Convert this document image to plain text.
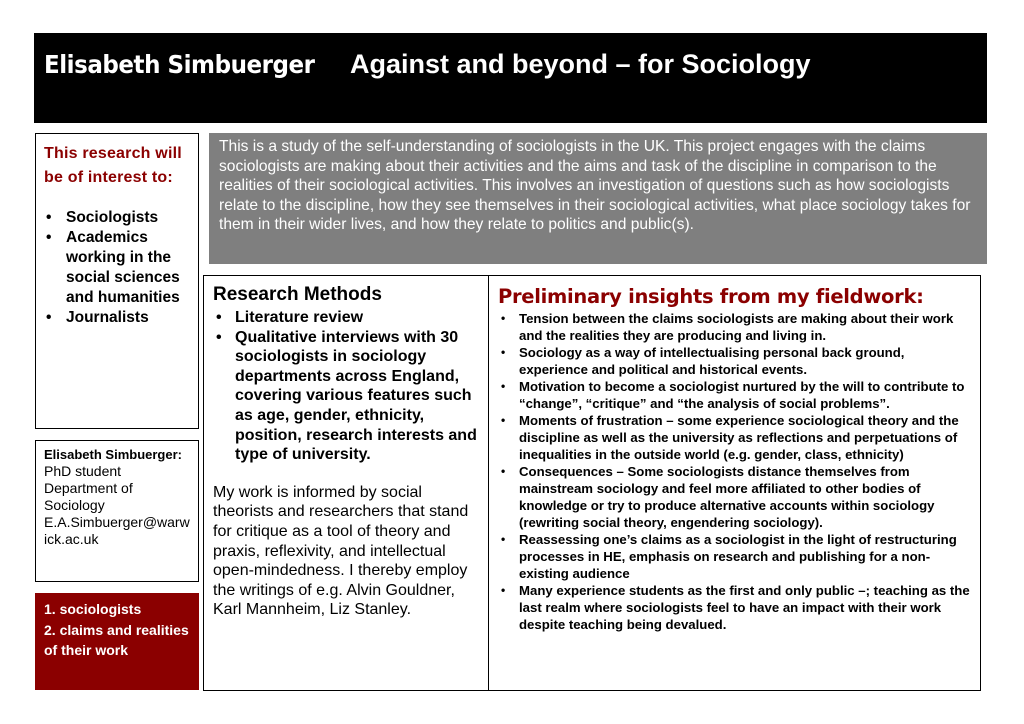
Elisabeth Simbuerger Against and beyond – for Sociology
This research will be of interest to:
• Sociologists
• Academics working in the social sciences and humanities
• Journalists
Elisabeth Simbuerger:
PhD student
Department of Sociology
E.A.Simbuerger@warwick.ac.uk
This is a study of the self-understanding of sociologists in the UK. This project engages with the claims sociologists are making about their activities and the aims and task of the discipline in comparison to the realities of their sociological activities. This involves an investigation of questions such as how sociologists relate to the discipline, how they see themselves in their sociological activities, what place sociology takes for them in their wider lives, and how they relate to politics and public(s).
1. sociologists
2. claims and realities of their work
Research Methods
• Literature review
• Qualitative interviews with 30 sociologists in sociology departments across England, covering various features such as age, gender, ethnicity, position, research interests and type of university.

My work is informed by social theorists and researchers that stand for critique as a tool of theory and praxis, reflexivity, and intellectual open-mindedness. I thereby employ the writings of e.g. Alvin Gouldner, Karl Mannheim, Liz Stanley.

Preliminary insights from my fieldwork:
• Tension between the claims sociologists are making about their work and the realities they are producing and living in.
• Sociology as a way of intellectualising personal back ground, experience and political and historical events.
• Motivation to become a sociologist nurtured by the will to contribute to “change”, “critique” and “the analysis of social problems”.
• Moments of frustration – some experience sociological theory and the discipline as well as the university as reflections and perpetuations of inequalities in the outside world (e.g. gender, class, ethnicity)
• Consequences – Some sociologists distance themselves from mainstream sociology and feel more affiliated to other bodies of knowledge or try to produce alternative accounts within sociology (rewriting social theory, engendering sociology).
• Reassessing one’s claims as a sociologist in the light of restructuring processes in HE, emphasis on research and publishing for a non-existing audience
• Many experience students as the first and only public –; teaching as the last realm where sociologists feel to have an impact with their work despite teaching being devalued.
